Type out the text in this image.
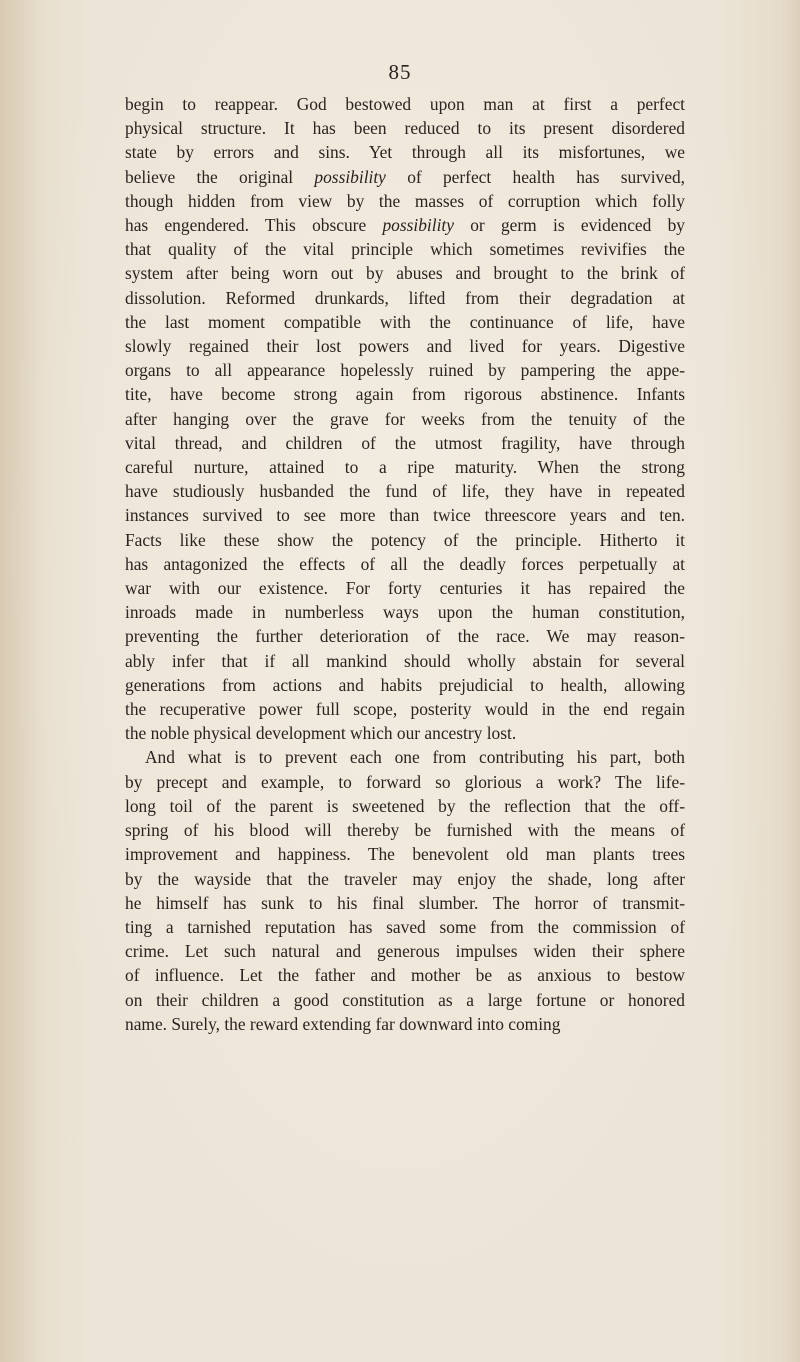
85
begin to reappear. God bestowed upon man at first a perfect
physical structure. It has been reduced to its present disordered
state by errors and sins. Yet through all its misfortunes, we
believe the original possibility of perfect health has survived,
though hidden from view by the masses of corruption which folly
has engendered. This obscure possibility or germ is evidenced by
that quality of the vital principle which sometimes revivifies the
system after being worn out by abuses and brought to the brink of
dissolution. Reformed drunkards, lifted from their degradation at
the last moment compatible with the continuance of life, have
slowly regained their lost powers and lived for years. Digestive
organs to all appearance hopelessly ruined by pampering the appe-
tite, have become strong again from rigorous abstinence. Infants
after hanging over the grave for weeks from the tenuity of the
vital thread, and children of the utmost fragility, have through
careful nurture, attained to a ripe maturity. When the strong
have studiously husbanded the fund of life, they have in repeated
instances survived to see more than twice threescore years and ten.
Facts like these show the potency of the principle. Hitherto it
has antagonized the effects of all the deadly forces perpetually at
war with our existence. For forty centuries it has repaired the
inroads made in numberless ways upon the human constitution,
preventing the further deterioration of the race. We may reason-
ably infer that if all mankind should wholly abstain for several
generations from actions and habits prejudicial to health, allowing
the recuperative power full scope, posterity would in the end regain
the noble physical development which our ancestry lost.
And what is to prevent each one from contributing his part, both
by precept and example, to forward so glorious a work? The life-
long toil of the parent is sweetened by the reflection that the off-
spring of his blood will thereby be furnished with the means of
improvement and happiness. The benevolent old man plants trees
by the wayside that the traveler may enjoy the shade, long after
he himself has sunk to his final slumber. The horror of transmit-
ting a tarnished reputation has saved some from the commission of
crime. Let such natural and generous impulses widen their sphere
of influence. Let the father and mother be as anxious to bestow
on their children a good constitution as a large fortune or honored
name. Surely, the reward extending far downward into coming
